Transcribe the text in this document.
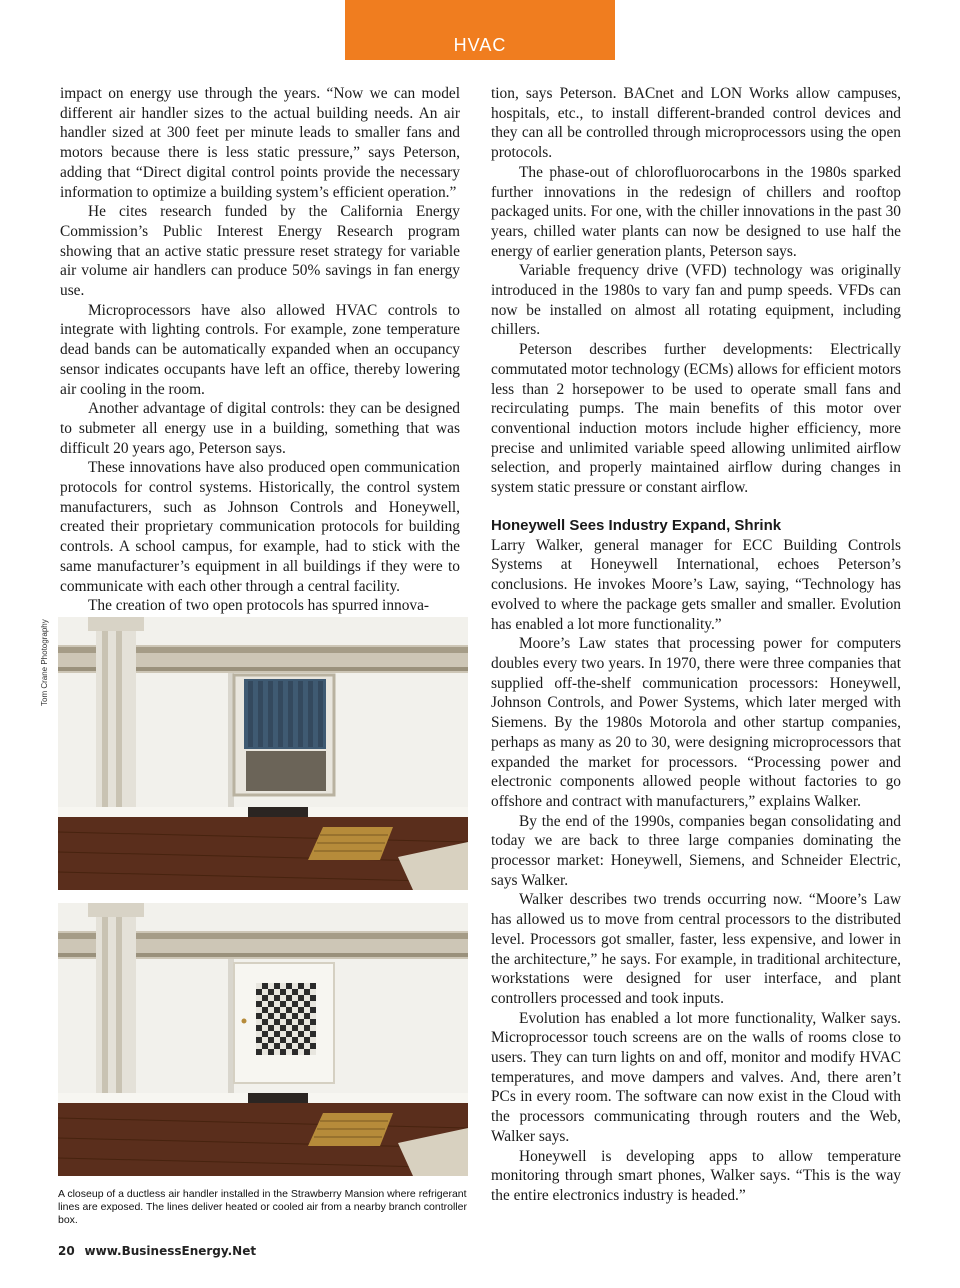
HVAC

impact on energy use through the years. “Now we can model different air handler sizes to the actual building needs. An air handler sized at 300 feet per minute leads to smaller fans and motors because there is less static pressure,” says Peterson, adding that “Direct digital control points provide the necessary information to optimize a building system’s efficient operation.”

He cites research funded by the California Energy Commission’s Public Interest Energy Research program showing that an active static pressure reset strategy for variable air volume air handlers can produce 50% savings in fan energy use.

Microprocessors have also allowed HVAC controls to integrate with lighting controls. For example, zone temperature dead bands can be automatically expanded when an occupancy sensor indicates occupants have left an office, thereby lowering air cooling in the room.

Another advantage of digital controls: they can be designed to submeter all energy use in a building, something that was difficult 20 years ago, Peterson says.

These innovations have also produced open communication protocols for control systems. Historically, the control system manufacturers, such as Johnson Controls and Honeywell, created their proprietary communication protocols for building controls. A school campus, for example, had to stick with the same manufacturer’s equipment in all buildings if they were to communicate with each other through a central facility.

The creation of two open protocols has spurred innova-

Tom Crane Photography
A closeup of a ductless air handler installed in the Strawberry Mansion where refrigerant lines are exposed. The lines deliver heated or cooled air from a nearby branch controller box.

tion, says Peterson. BACnet and LON Works allow campuses, hospitals, etc., to install different-branded control devices and they can all be controlled through microprocessors using the open protocols.

The phase-out of chlorofluorocarbons in the 1980s sparked further innovations in the redesign of chillers and rooftop packaged units. For one, with the chiller innovations in the past 30 years, chilled water plants can now be designed to use half the energy of earlier generation plants, Peterson says.

Variable frequency drive (VFD) technology was originally introduced in the 1980s to vary fan and pump speeds. VFDs can now be installed on almost all rotating equipment, including chillers.

Peterson describes further developments: Electrically commutated motor technology (ECMs) allows for efficient motors less than 2 horsepower to be used to operate small fans and recirculating pumps. The main benefits of this motor over conventional induction motors include higher efficiency, more precise and unlimited variable speed allowing unlimited airflow selection, and properly maintained airflow during changes in system static pressure or constant airflow.

Honeywell Sees Industry Expand, Shrink

Larry Walker, general manager for ECC Building Controls Systems at Honeywell International, echoes Peterson’s conclusions. He invokes Moore’s Law, saying, “Technology has evolved to where the package gets smaller and smaller. Evolution has enabled a lot more functionality.”

Moore’s Law states that processing power for computers doubles every two years. In 1970, there were three companies that supplied off-the-shelf communication processors: Honeywell, Johnson Controls, and Power Systems, which later merged with Siemens. By the 1980s Motorola and other startup companies, perhaps as many as 20 to 30, were designing microprocessors that expanded the market for processors. “Processing power and electronic components allowed people without factories to go offshore and contract with manufacturers,” explains Walker.

By the end of the 1990s, companies began consolidating and today we are back to three large companies dominating the processor market: Honeywell, Siemens, and Schneider Electric, says Walker.

Walker describes two trends occurring now. “Moore’s Law has allowed us to move from central processors to the distributed level. Processors got smaller, faster, less expensive, and lower in the architecture,” he says. For example, in traditional architecture, workstations were designed for user interface, and plant controllers processed and took inputs.

Evolution has enabled a lot more functionality, Walker says. Microprocessor touch screens are on the walls of rooms close to users. They can turn lights on and off, monitor and modify HVAC temperatures, and move dampers and valves. And, there aren’t PCs in every room. The software can now exist in the Cloud with the processors communicating through routers and the Web, Walker says.

Honeywell is developing apps to allow temperature monitoring through smart phones, Walker says. “This is the way the entire electronics industry is headed.”

20 www.BusinessEnergy.Net
